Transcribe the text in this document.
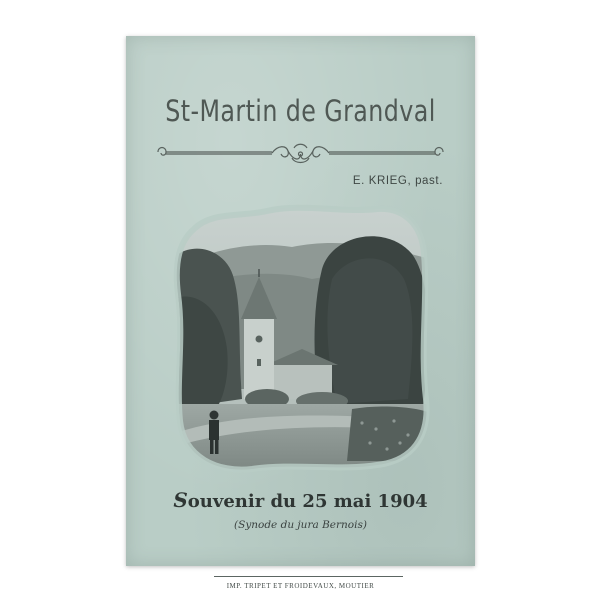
St-Martin de Grandval
E. KRIEG, past.
Souvenir du 25 mai 1904
(Synode du jura Bernois)
IMP. TRIPET ET FROIDEVAUX, MOUTIER
